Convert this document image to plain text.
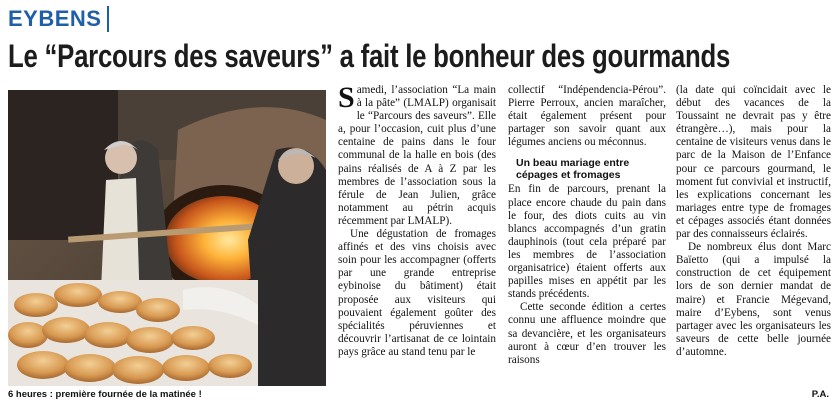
EYBENS
Le “Parcours des saveurs” a fait le bonheur des gourmands
6 heures : première fournée de la matinée !

Samedi, l’association “La main à la pâte” (LMALP) organisait le “Parcours des saveurs”. Elle a, pour l’occasion, cuit plus d’une centaine de pains dans le four communal de la halle en bois (des pains réalisés de A à Z par les membres de l’association sous la férule de Jean Julien, grâce notamment au pétrin acquis récemment par LMALP).

Une dégustation de fromages affinés et des vins choisis avec soin pour les accompagner (offerts par une grande entreprise eybinoise du bâtiment) était proposée aux visiteurs qui pouvaient également goûter des spécialités péruviennes et découvrir l’artisanat de ce lointain pays grâce au stand tenu par le

collectif “Indépendencia-Pérou”. Pierre Perroux, ancien maraîcher, était également présent pour partager son savoir quant aux légumes anciens ou méconnus.

Un beau mariage entre cépages et fromages

En fin de parcours, prenant la place encore chaude du pain dans le four, des diots cuits au vin blancs accompagnés d’un gratin dauphinois (tout cela préparé par les membres de l’association organisatrice) étaient offerts aux papilles mises en appétit par les stands précédents.

Cette seconde édition a certes connu une affluence moindre que sa devancière, et les organisateurs auront à cœur d’en trouver les raisons

(la date qui coïncidait avec le début des vacances de la Toussaint ne devrait pas y être étrangère…), mais pour la centaine de visiteurs venus dans le parc de la Maison de l’Enfance pour ce parcours gourmand, le moment fut convivial et instructif, les explications concernant les mariages entre type de fromages et cépages associés étant données par des connaisseurs éclairés.

De nombreux élus dont Marc Baïetto (qui a impulsé la construction de cet équipement lors de son dernier mandat de maire) et Francie Mégevand, maire d’Eybens, sont venus partager avec les organisateurs les saveurs de cette belle journée d’automne.

P.A.
